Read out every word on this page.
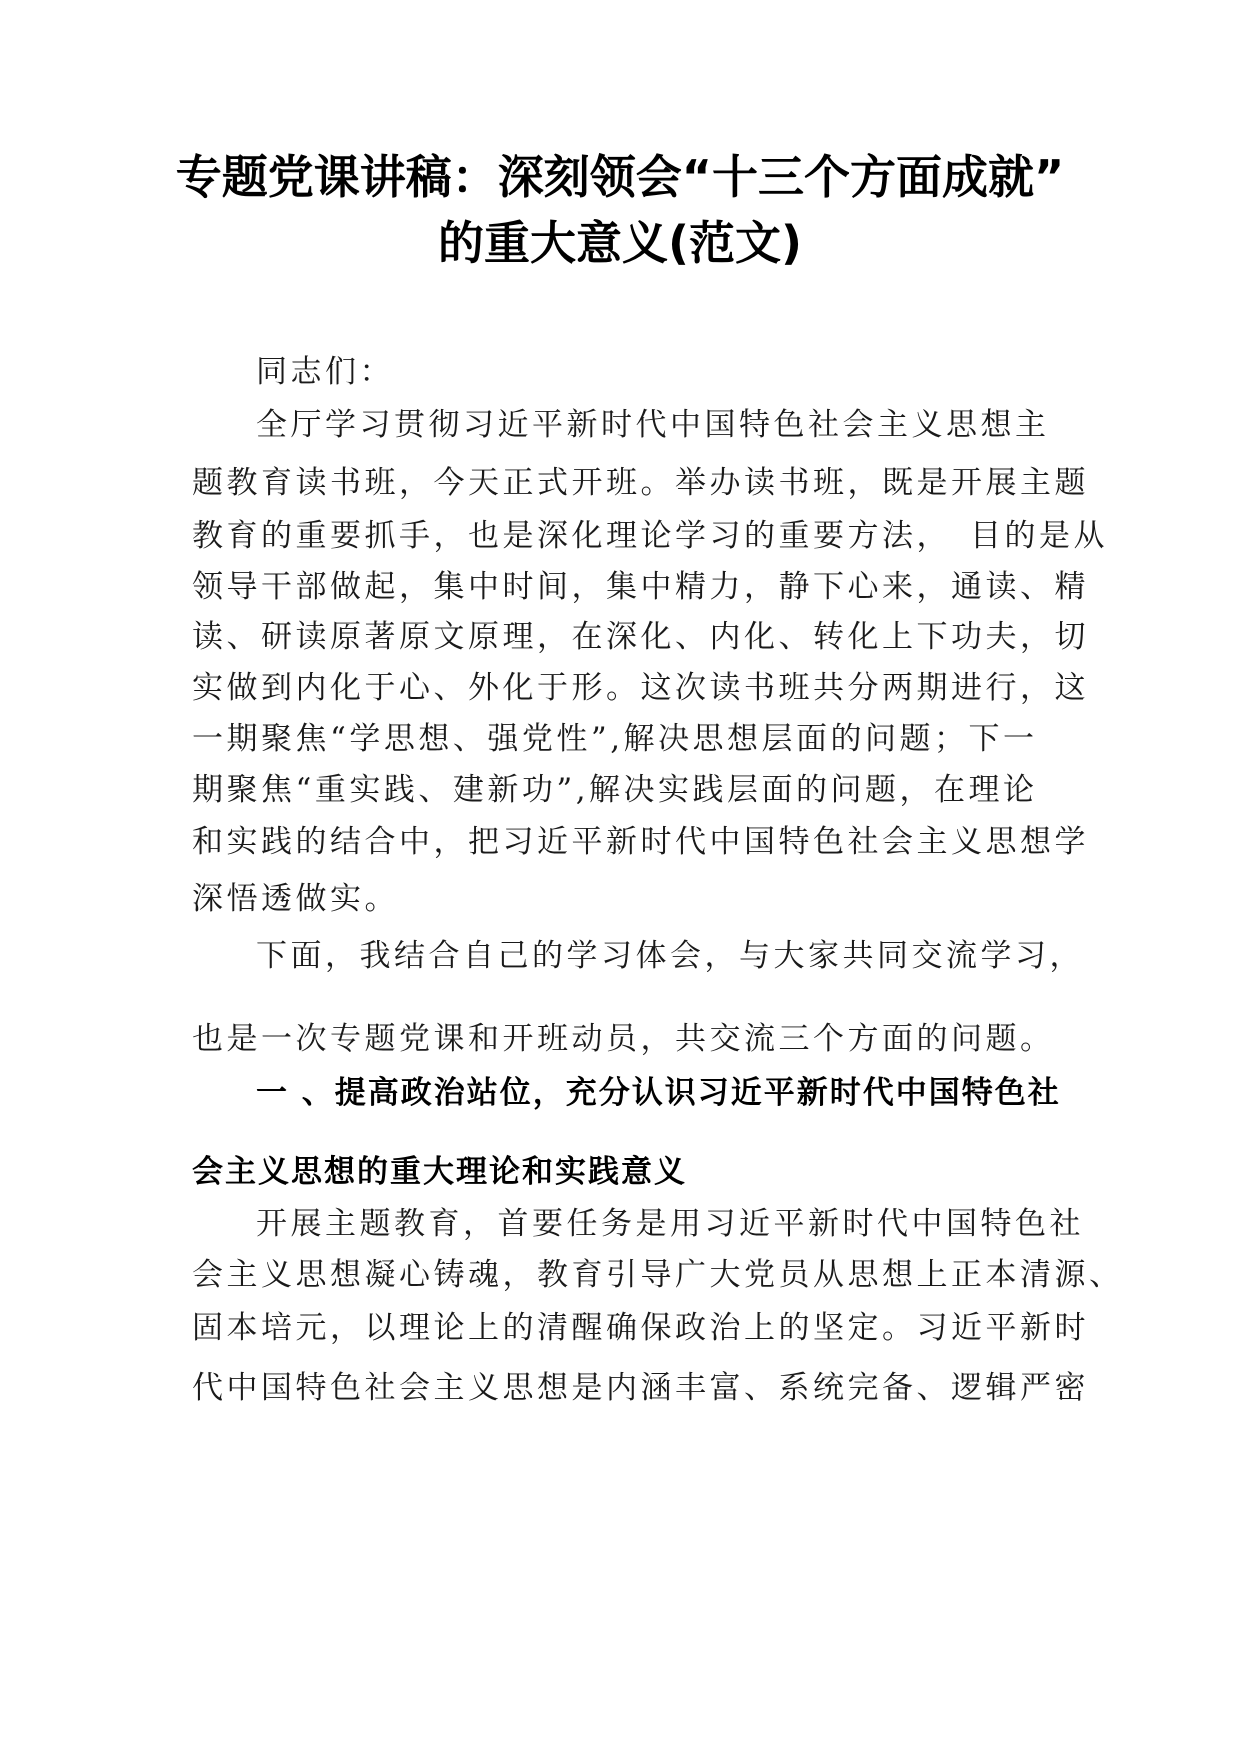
专题党课讲稿：深刻领会“十三个方面成就”
的重大意义(范文)
同志们：
全厅学习贯彻习近平新时代中国特色社会主义思想主
题教育读书班，今天正式开班。举办读书班，既是开展主题
教育的重要抓手，也是深化理论学习的重要方法，　目的是从
领导干部做起，集中时间，集中精力，静下心来，通读、精
读、研读原著原文原理，在深化、内化、转化上下功夫，切
实做到内化于心、外化于形。这次读书班共分两期进行，这
一期聚焦“学思想、强党性”,解决思想层面的问题；下一
期聚焦“重实践、建新功”,解决实践层面的问题，在理论
和实践的结合中，把习近平新时代中国特色社会主义思想学
深悟透做实。
下面，我结合自己的学习体会，与大家共同交流学习，
也是一次专题党课和开班动员，共交流三个方面的问题。
一 、提高政治站位，充分认识习近平新时代中国特色社
会主义思想的重大理论和实践意义
开展主题教育，首要任务是用习近平新时代中国特色社
会主义思想凝心铸魂，教育引导广大党员从思想上正本清源、
固本培元，以理论上的清醒确保政治上的坚定。习近平新时
代中国特色社会主义思想是内涵丰富、系统完备、逻辑严密
